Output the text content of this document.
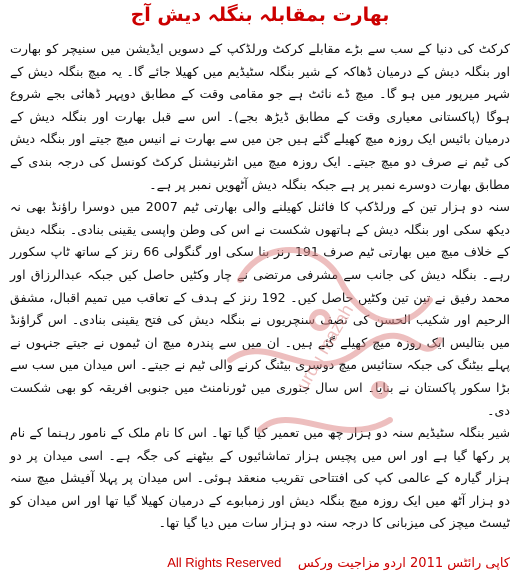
بھارت بمقابلہ بنگلہ دیش آج

کرکٹ کی دنیا کے سب سے بڑے مقابلے کرکٹ ورلڈکپ کے دسویں ایڈیشن میں سنیچر کو بھارت اور بنگلہ دیش کے درمیان ڈھاکہ کے شیر بنگلہ سٹیڈیم میں کھیلا جائے گا۔ یہ میچ بنگلہ دیش کے شہر میرپور میں ہو گا۔ میچ ڈے نائٹ ہے جو مقامی وقت کے مطابق دوپہر ڈھائی بجے شروع ہوگا (پاکستانی معیاری وقت کے مطابق ڈیڑھ بجے)۔ اس سے قبل بھارت اور بنگلہ دیش کے درمیان بائیس ایک روزہ میچ کھیلے گئے ہیں جن میں سے بھارت نے انیس میچ جیتے اور بنگلہ دیش کی ٹیم نے صرف دو میچ جیتے۔ ایک روزہ میچ میں انٹرنیشنل کرکٹ کونسل کی درجہ بندی کے مطابق بھارت دوسرے نمبر پر ہے جبکہ بنگلہ دیش آٹھویں نمبر پر ہے۔

سنہ دو ہزار تین کے ورلڈکپ کا فائنل کھیلنے والی بھارتی ٹیم 2007 میں دوسرا راؤنڈ بھی نہ دیکھ سکی اور بنگلہ دیش کے ہاتھوں شکست نے اس کی وطن واپسی یقینی بنادی۔ بنگلہ دیش کے خلاف میچ میں بھارتی ٹیم صرف 191 رنز بنا سکی اور گنگولی 66 رنز کے ساتھ ٹاپ سکورر رہے۔ بنگلہ دیش کی جانب سے مشرفی مرتضی نے چار وکٹیں حاصل کیں جبکہ عبدالرزاق اور محمد رفیق نے تین تین وکٹیں حاصل کیں۔ 192 رنز کے ہدف کے تعاقب میں تمیم اقبال، مشفق الرحیم اور شکیب الحسن کی نصف سنچریوں نے بنگلہ دیش کی فتح یقینی بنادی۔ اس گراؤنڈ میں بتالیس ایک روزہ میچ کھیلے گئے ہیں۔ ان میں سے پندرہ میچ ان ٹیموں نے جیتے جنہوں نے پہلے بیٹنگ کی جبکہ ستائیس میچ دوسری بیٹنگ کرنے والی ٹیم نے جیتے۔ اس میدان میں سب سے بڑا سکور پاکستان نے بنایا۔ اس سال جنوری میں ٹورنامنٹ میں جنوبی افریقہ کو بھی شکست دی۔

شیر بنگلہ سٹیڈیم سنہ دو ہزار چھ میں تعمیر کیا گیا تھا۔ اس کا نام ملک کے نامور رہنما کے نام پر رکھا گیا ہے اور اس میں پچیس ہزار تماشائیوں کے بیٹھنے کی جگہ ہے۔ اسی میدان پر دو ہزار گیارہ کے عالمی کپ کی افتتاحی تقریب منعقد ہوئی۔ اس میدان پر پہلا آفیشل میچ سنہ دو ہزار آٹھ میں ایک روزہ میچ بنگلہ دیش اور زمبابوے کے درمیان کھیلا گیا تھا اور اس میدان کو ٹیسٹ میچز کی میزبانی کا درجہ سنہ دو ہزار سات میں دیا گیا تھا۔

urdu mazah
کاپی رائٹس 2011 اردو مزاجیت ورکس    All Rights Reserved
